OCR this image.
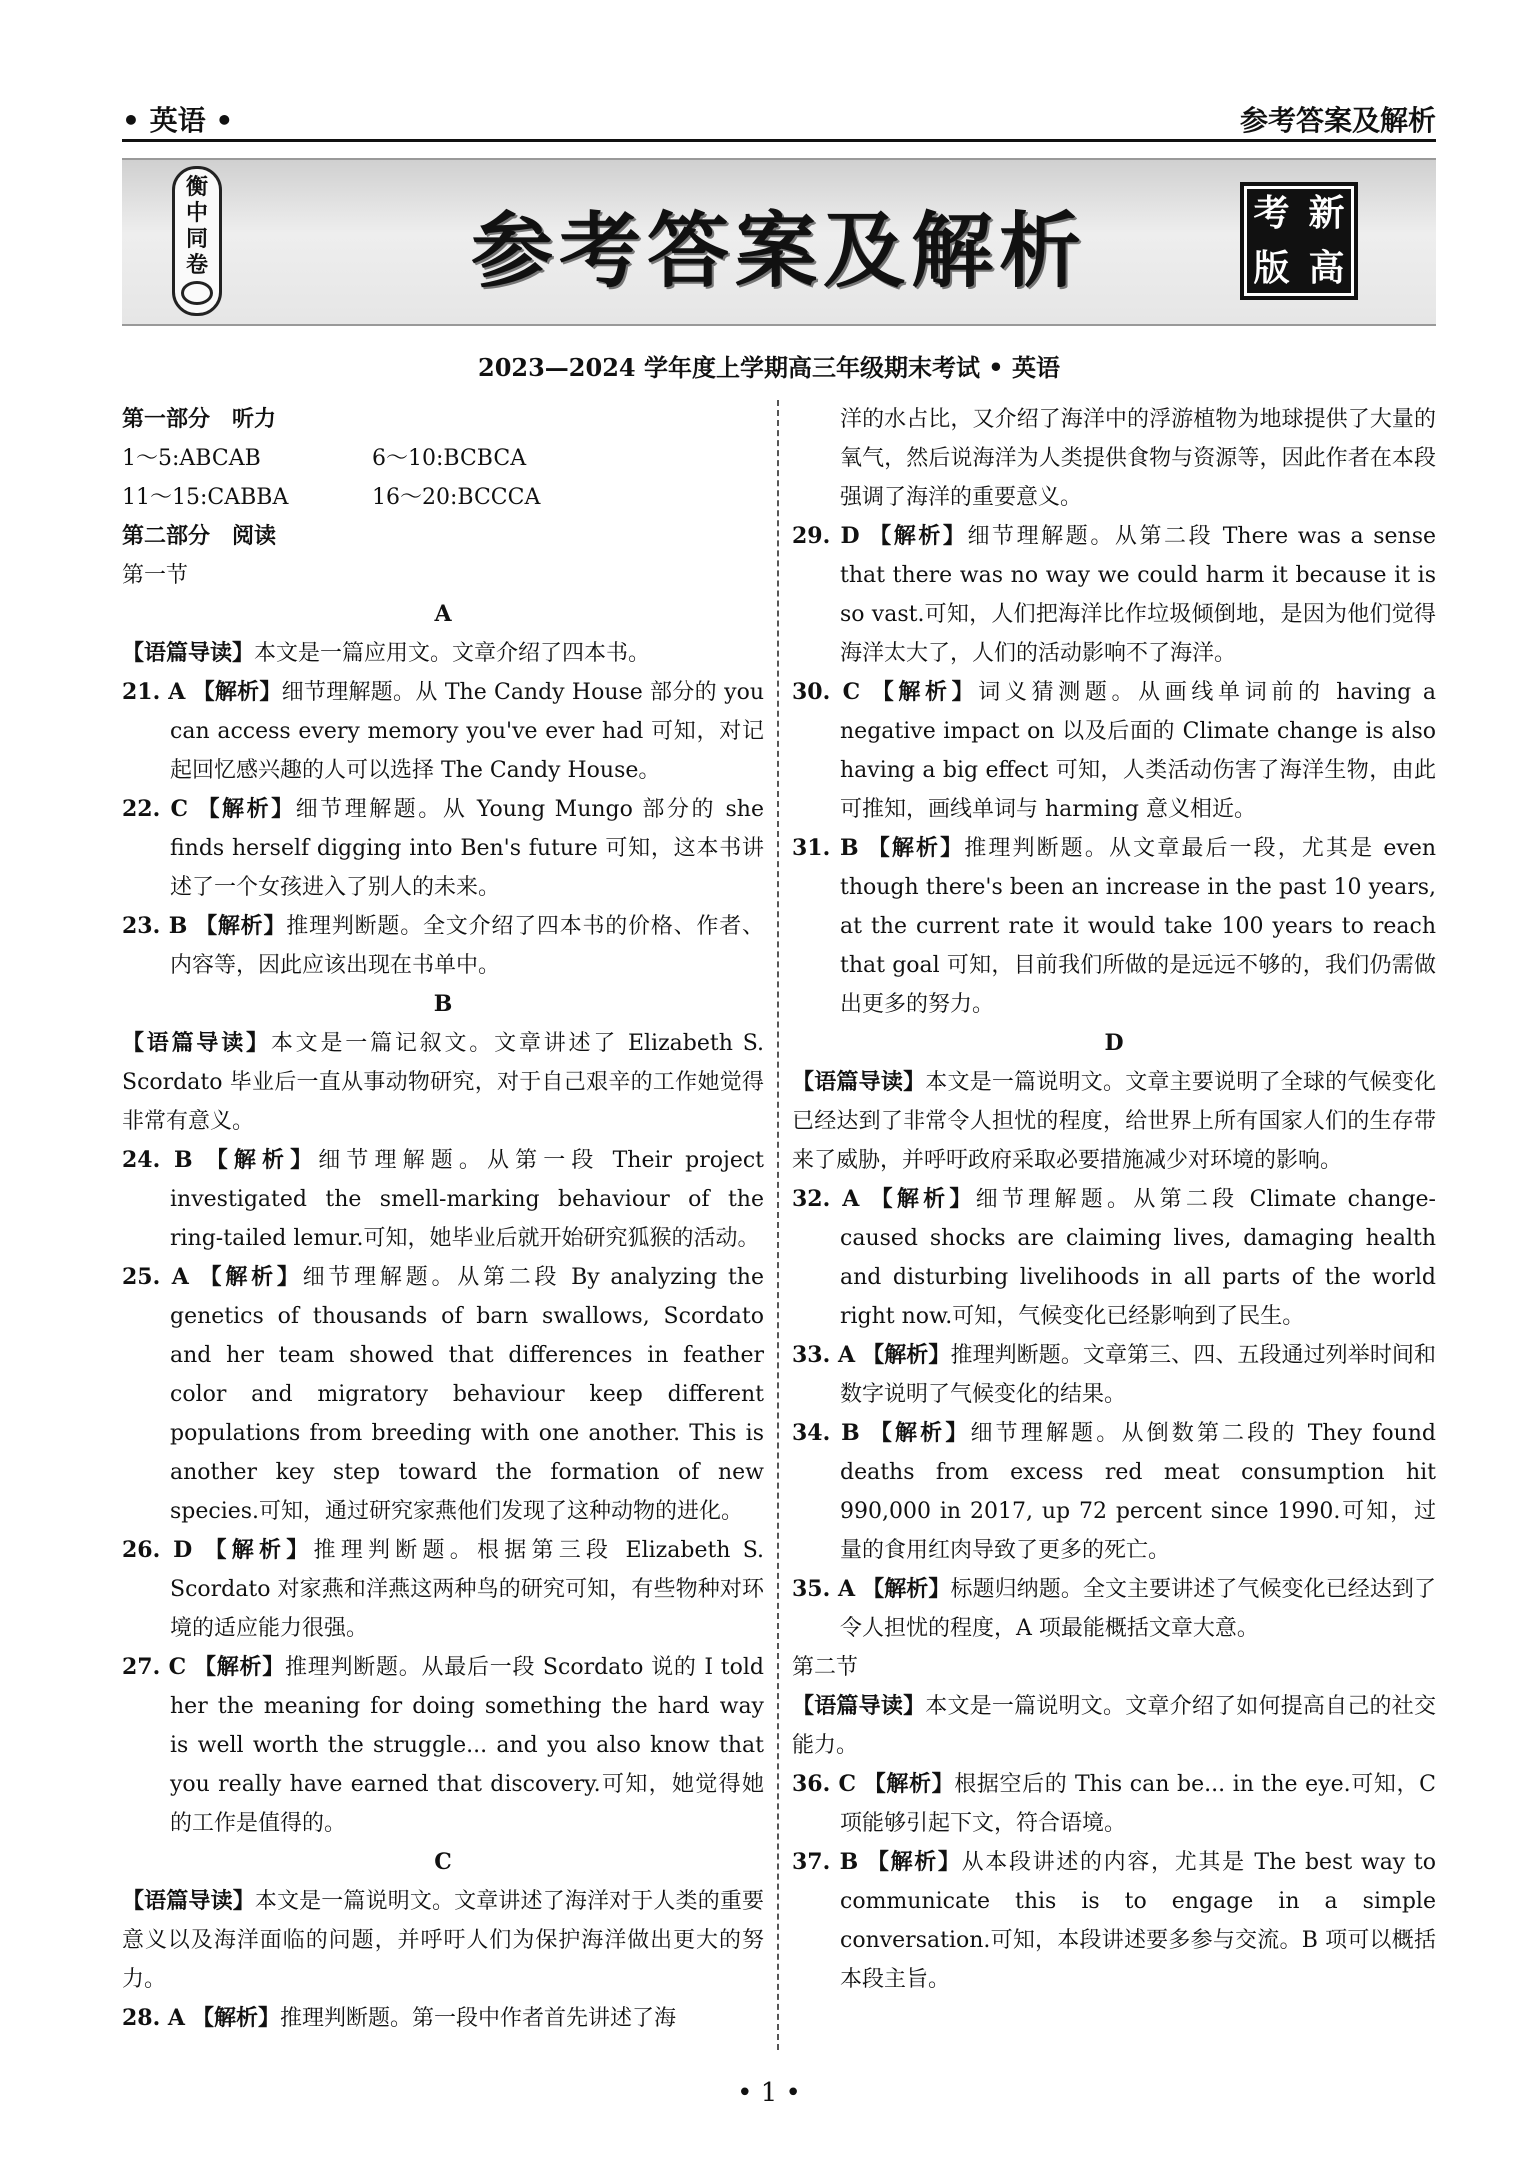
• 英语 •	参考答案及解析
衡
中
同
卷	参考答案及解析	考 新
版 高
2023—2024 学年度上学期高三年级期末考试 • 英语

第一部分　听力

1～5:ABCAB	6～10:BCBCA
11～15:CABBA	16～20:BCCCA

第二部分　阅读

第一节

A

【语篇导读】本文是一篇应用文。文章介绍了四本书。

21. A 【解析】细节理解题。从 The Candy House 部分的 you can access every memory you've ever had 可知，对记起回忆感兴趣的人可以选择 The Candy House。

22. C 【解析】细节理解题。从 Young Mungo 部分的 she finds herself digging into Ben's future 可知，这本书讲述了一个女孩进入了别人的未来。

23. B 【解析】推理判断题。全文介绍了四本书的价格、作者、内容等，因此应该出现在书单中。

B

【语篇导读】本文是一篇记叙文。文章讲述了 Elizabeth S. Scordato 毕业后一直从事动物研究，对于自己艰辛的工作她觉得非常有意义。

24. B 【解析】细节理解题。从第一段 Their project investigated the smell-marking behaviour of the ring-tailed lemur.可知，她毕业后就开始研究狐猴的活动。

25. A 【解析】细节理解题。从第二段 By analyzing the genetics of thousands of barn swallows, Scordato and her team showed that differences in feather color and migratory behaviour keep different populations from breeding with one another. This is another key step toward the formation of new species.可知，通过研究家燕他们发现了这种动物的进化。

26. D 【解析】推理判断题。根据第三段 Elizabeth S. Scordato 对家燕和洋燕这两种鸟的研究可知，有些物种对环境的适应能力很强。

27. C 【解析】推理判断题。从最后一段 Scordato 说的 I told her the meaning for doing something the hard way is well worth the struggle... and you also know that you really have earned that discovery.可知，她觉得她的工作是值得的。

C

【语篇导读】本文是一篇说明文。文章讲述了海洋对于人类的重要意义以及海洋面临的问题，并呼吁人们为保护海洋做出更大的努力。

28. A 【解析】推理判断题。第一段中作者首先讲述了海

洋的水占比，又介绍了海洋中的浮游植物为地球提供了大量的氧气，然后说海洋为人类提供食物与资源等，因此作者在本段强调了海洋的重要意义。

29. D 【解析】细节理解题。从第二段 There was a sense that there was no way we could harm it because it is so vast.可知，人们把海洋比作垃圾倾倒地，是因为他们觉得海洋太大了，人们的活动影响不了海洋。

30. C 【解析】词义猜测题。从画线单词前的 having a negative impact on 以及后面的 Climate change is also having a big effect 可知，人类活动伤害了海洋生物，由此可推知，画线单词与 harming 意义相近。

31. B 【解析】推理判断题。从文章最后一段，尤其是 even though there's been an increase in the past 10 years, at the current rate it would take 100 years to reach that goal 可知，目前我们所做的是远远不够的，我们仍需做出更多的努力。

D

【语篇导读】本文是一篇说明文。文章主要说明了全球的气候变化已经达到了非常令人担忧的程度，给世界上所有国家人们的生存带来了威胁，并呼吁政府采取必要措施减少对环境的影响。

32. A 【解析】细节理解题。从第二段 Climate change-caused shocks are claiming lives, damaging health and disturbing livelihoods in all parts of the world right now.可知，气候变化已经影响到了民生。

33. A 【解析】推理判断题。文章第三、四、五段通过列举时间和数字说明了气候变化的结果。

34. B 【解析】细节理解题。从倒数第二段的 They found deaths from excess red meat consumption hit 990,000 in 2017, up 72 percent since 1990.可知，过量的食用红肉导致了更多的死亡。

35. A 【解析】标题归纳题。全文主要讲述了气候变化已经达到了令人担忧的程度，A 项最能概括文章大意。

第二节

【语篇导读】本文是一篇说明文。文章介绍了如何提高自己的社交能力。

36. C 【解析】根据空后的 This can be... in the eye.可知，C 项能够引起下文，符合语境。

37. B 【解析】从本段讲述的内容，尤其是 The best way to communicate this is to engage in a simple conversation.可知，本段讲述要多参与交流。B 项可以概括本段主旨。

• 1 •
